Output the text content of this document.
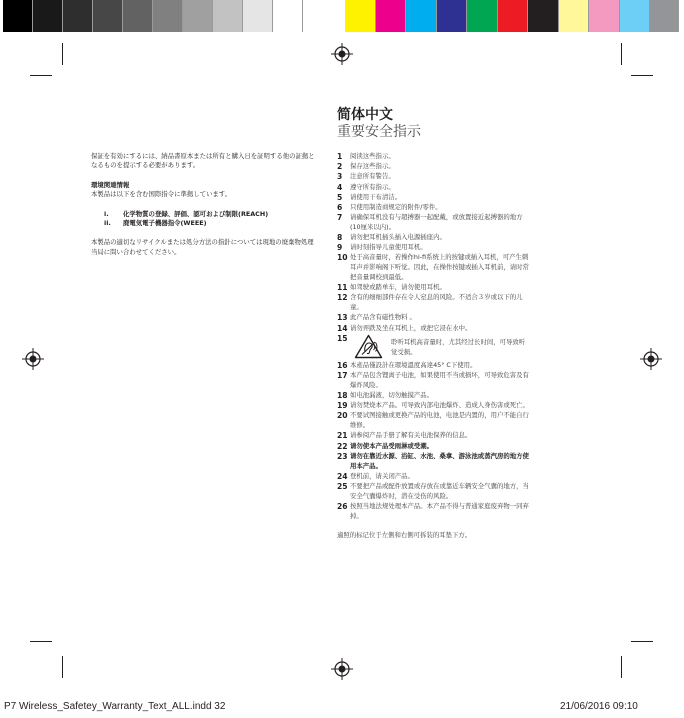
保証を有効にするには、納品書原本または所有と購入日を証明する他の証拠となるものを提示する必要があります。

環境関連情報
本製品は以下を含む国際指令に準拠しています。
i.	化学物質の登録、評価、認可および制限(REACH)
ii.	廃電気電子機器指令(WEEE)

本製品の適切なリサイクルまたは処分方法の指針については現地の廃棄物処理当局に問い合わせてください。

简体中文
重要安全指示
1	阅读这些指示。
2	保存这些指示。
3	注意所有警告。
4	遵守所有指示。
5	请使用干布清洁。
6	只使用制造商规定的附件/零件。
7	请确保耳机没有与超搏器一起配戴，或放置接近起搏器的地方(10厘米以内)。
8	请勿把耳机插头插入电源插座内。
9	请时刻指导儿童使用耳机。
10 处于高音量时，若操作hi-fi系统上的按键或插入耳机，可产生刺耳声并影响阁下听觉。因此，在操作按键或插入耳机前，请时常把音量调校到最低。
11 如驾驶或踏单车，请勿使用耳机。
12 含有的细细部件存在令人窒息的风险。不适合３岁或以下的儿童。
13 此产品含有磁性物料 。
14 请勿弄跌及坐在耳机上，或把它浸在水中。
15	聆听耳机高音量时，尤其经过长时间，可导致听觉受损。
16 本產品僅設計在環境溫度高達45° C下使用。
17 本产品包含锂离子电池，如果使用不当或损坏，可导致危害及有爆炸风险。
18 如电池漏液，切勿触摸产品。
19 请勿焚烧本产品。可导致内部电池爆炸、造成人身伤害或死亡。
20 不要试图接触或更换产品的电池，电池是内置的，用户不能自行维修。
21 请参阅产品手册了解有关电池保养的信息。
22 请勿使本产品受雨淋或受潮。
23 请勿在靠近水源、浴缸、水池、桑拿、游泳池或蒸汽房的地方使用本产品。
24 登机前，请关闭产品。
25 不要把产品或配件放置或存放在或靠近车辆安全气囊的地方，当安全气囊爆炸时，潜在受伤的风险。
26 按照当地法规处理本产品。本产品不得与普通家庭废弃物一同弃掉。
適照的标记位于左側和右側可拆装的耳垫下方。
P7 Wireless_Safetey_Warranty_Text_ALL.indd 32	21/06/2016 09:10
